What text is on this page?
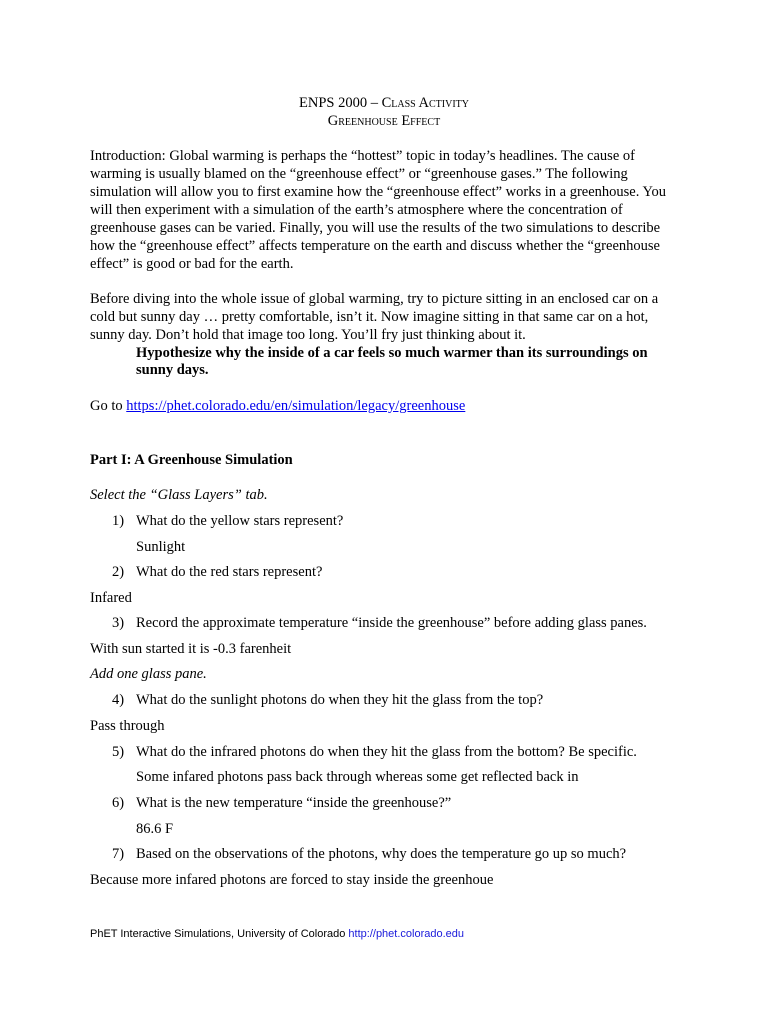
ENPS 2000 – Class Activity
Greenhouse Effect
Introduction: Global warming is perhaps the “hottest” topic in today’s headlines. The cause of warming is usually blamed on the “greenhouse effect” or “greenhouse gases.” The following simulation will allow you to first examine how the “greenhouse effect” works in a greenhouse. You will then experiment with a simulation of the earth’s atmosphere where the concentration of greenhouse gases can be varied. Finally, you will use the results of the two simulations to describe how the “greenhouse effect” affects temperature on the earth and discuss whether the “greenhouse effect” is good or bad for the earth.
Before diving into the whole issue of global warming, try to picture sitting in an enclosed car on a cold but sunny day … pretty comfortable, isn’t it. Now imagine sitting in that same car on a hot, sunny day. Don’t hold that image too long. You’ll fry just thinking about it.
Hypothesize why the inside of a car feels so much warmer than its surroundings on
sunny days.
Go to https://phet.colorado.edu/en/simulation/legacy/greenhouse
Part I: A Greenhouse Simulation
Select the “Glass Layers” tab.
1) What do the yellow stars represent?
Sunlight
2) What do the red stars represent?
Infared
3) Record the approximate temperature “inside the greenhouse” before adding glass panes.
With sun started it is -0.3 farenheit
Add one glass pane.
4) What do the sunlight photons do when they hit the glass from the top?
Pass through
5) What do the infrared photons do when they hit the glass from the bottom? Be specific.
Some infared photons pass back through whereas some get reflected back in
6) What is the new temperature “inside the greenhouse?”
86.6 F
7) Based on the observations of the photons, why does the temperature go up so much?
Because more infared photons are forced to stay inside the greenhoue
PhET Interactive Simulations, University of Colorado http://phet.colorado.edu
